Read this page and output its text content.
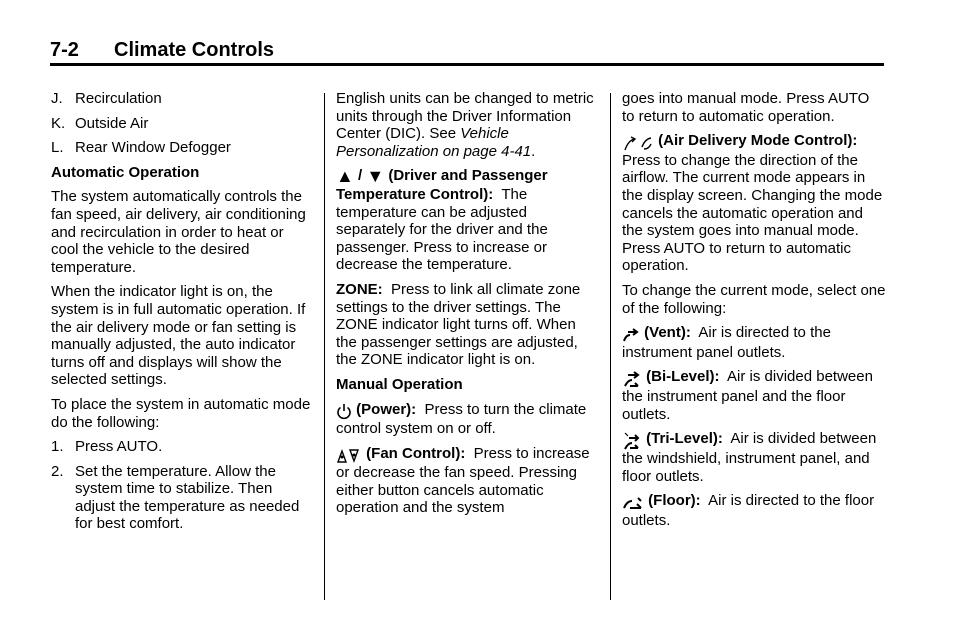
7-2 Climate Controls
J. Recirculation
K. Outside Air
L. Rear Window Defogger

Automatic Operation

The system automatically controls the fan speed, air delivery, air conditioning and recirculation in order to heat or cool the vehicle to the desired temperature.

When the indicator light is on, the system is in full automatic operation. If the air delivery mode or fan setting is manually adjusted, the auto indicator turns off and displays will show the selected settings.

To place the system in automatic mode do the following:

1. Press AUTO.
2. Set the temperature. Allow the system time to stabilize. Then adjust the temperature as needed for best comfort.

English units can be changed to metric units through the Driver Information Center (DIC). See Vehicle Personalization on page 4-41.

▲ / ▼ (Driver and Passenger Temperature Control): The temperature can be adjusted separately for the driver and the passenger. Press to increase or decrease the temperature.

ZONE: Press to link all climate zone settings to the driver settings. The ZONE indicator light turns off. When the passenger settings are adjusted, the ZONE indicator light is on.

Manual Operation

(Power): Press to turn the climate control system on or off.

(Fan Control): Press to increase or decrease the fan speed. Pressing either button cancels automatic operation and the system

goes into manual mode. Press AUTO to return to automatic operation.

(Air Delivery Mode Control): Press to change the direction of the airflow. The current mode appears in the display screen. Changing the mode cancels the automatic operation and the system goes into manual mode. Press AUTO to return to automatic operation.

To change the current mode, select one of the following:

(Vent): Air is directed to the instrument panel outlets.

(Bi-Level): Air is divided between the instrument panel and the floor outlets.

(Tri-Level): Air is divided between the windshield, instrument panel, and floor outlets.

(Floor): Air is directed to the floor outlets.
